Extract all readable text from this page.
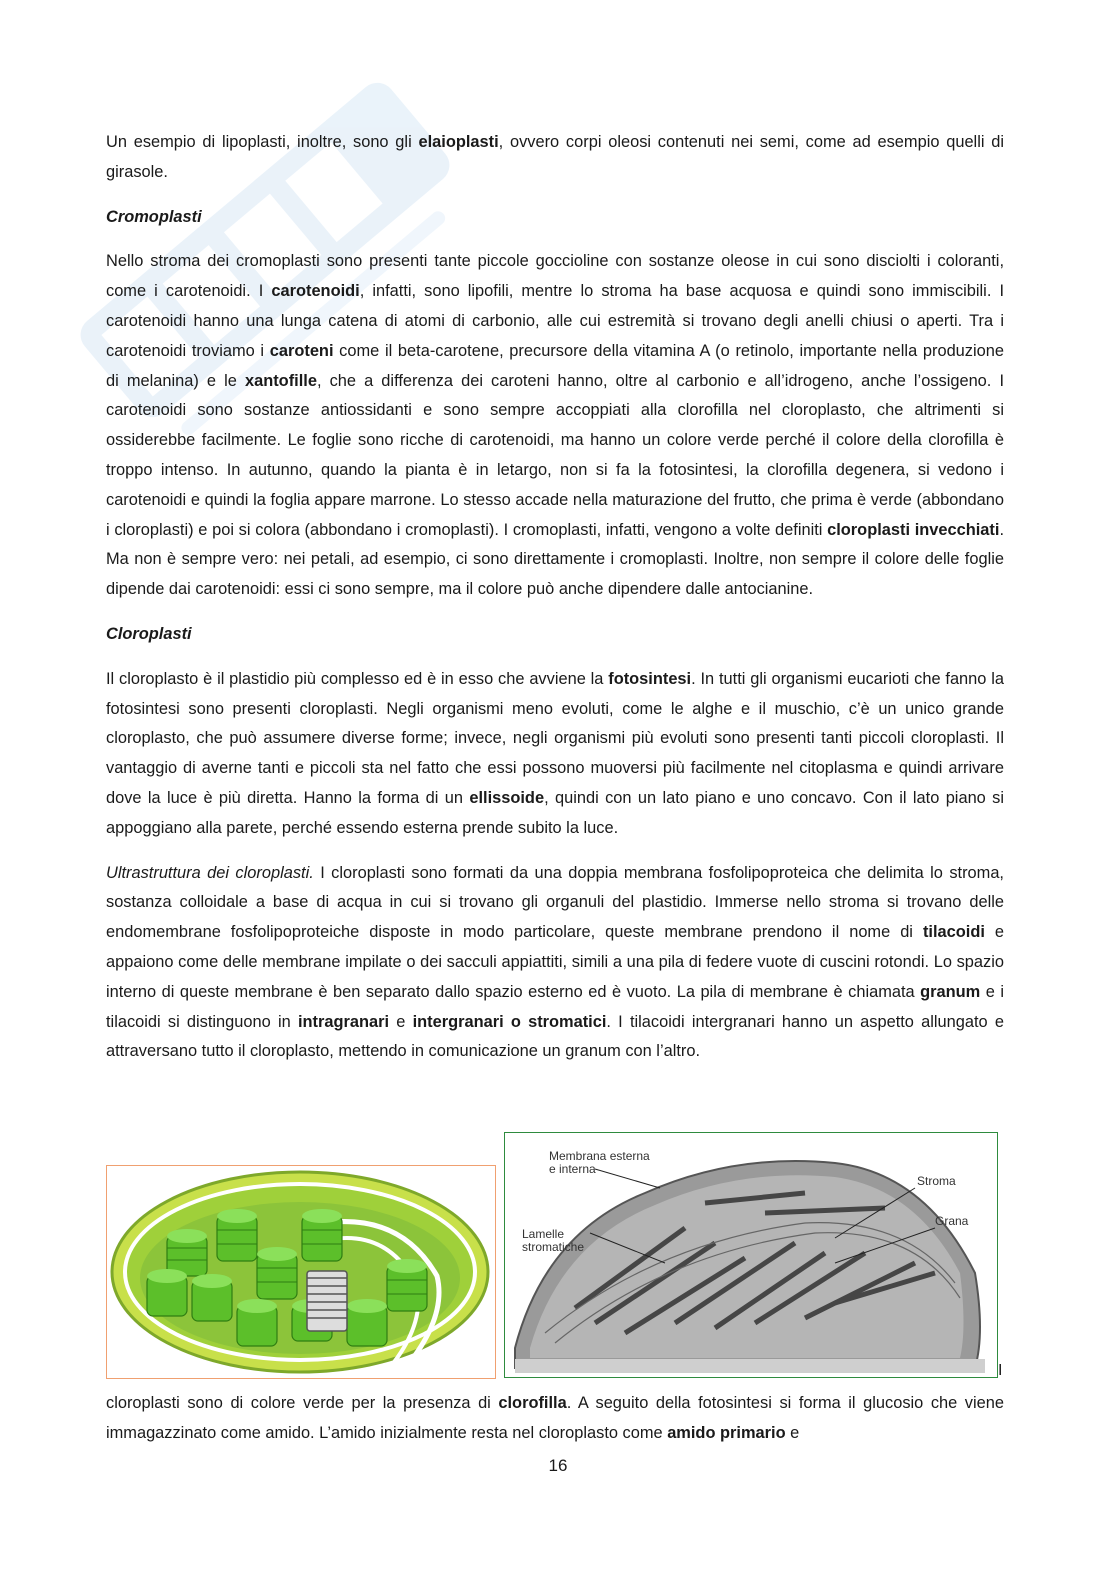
Un esempio di lipoplasti, inoltre, sono gli elaioplasti, ovvero corpi oleosi contenuti nei semi, come ad esempio quelli di girasole.

Cromoplasti

Nello stroma dei cromoplasti sono presenti tante piccole goccioline con sostanze oleose in cui sono disciolti i coloranti, come i carotenoidi. I carotenoidi, infatti, sono lipofili, mentre lo stroma ha base acquosa e quindi sono immiscibili. I carotenoidi hanno una lunga catena di atomi di carbonio, alle cui estremità si trovano degli anelli chiusi o aperti. Tra i carotenoidi troviamo i caroteni come il beta-carotene, precursore della vitamina A (o retinolo, importante nella produzione di melanina) e le xantofille, che a differenza dei caroteni hanno, oltre al carbonio e all’idrogeno, anche l’ossigeno. I carotenoidi sono sostanze antiossidanti e sono sempre accoppiati alla clorofilla nel cloroplasto, che altrimenti si ossiderebbe facilmente. Le foglie sono ricche di carotenoidi, ma hanno un colore verde perché il colore della clorofilla è troppo intenso. In autunno, quando la pianta è in letargo, non si fa la fotosintesi, la clorofilla degenera, si vedono i carotenoidi e quindi la foglia appare marrone. Lo stesso accade nella maturazione del frutto, che prima è verde (abbondano i cloroplasti) e poi si colora (abbondano i cromoplasti). I cromoplasti, infatti, vengono a volte definiti cloroplasti invecchiati. Ma non è sempre vero: nei petali, ad esempio, ci sono direttamente i cromoplasti. Inoltre, non sempre il colore delle foglie dipende dai carotenoidi: essi ci sono sempre, ma il colore può anche dipendere dalle antocianine.

Cloroplasti

Il cloroplasto è il plastidio più complesso ed è in esso che avviene la fotosintesi. In tutti gli organismi eucarioti che fanno la fotosintesi sono presenti cloroplasti. Negli organismi meno evoluti, come le alghe e il muschio, c’è un unico grande cloroplasto, che può assumere diverse forme; invece, negli organismi più evoluti sono presenti tanti piccoli cloroplasti. Il vantaggio di averne tanti e piccoli sta nel fatto che essi possono muoversi più facilmente nel citoplasma e quindi arrivare dove la luce è più diretta. Hanno la forma di un ellissoide, quindi con un lato piano e uno concavo. Con il lato piano si appoggiano alla parete, perché essendo esterna prende subito la luce.

Ultrastruttura dei cloroplasti. I cloroplasti sono formati da una doppia membrana fosfolipoproteica che delimita lo stroma, sostanza colloidale a base di acqua in cui si trovano gli organuli del plastidio. Immerse nello stroma si trovano delle endomembrane fosfolipoproteiche disposte in modo particolare, queste membrane prendono il nome di tilacoidi e appaiono come delle membrane impilate o dei sacculi appiattiti, simili a una pila di federe vuote di cuscini rotondi. Lo spazio interno di queste membrane è ben separato dallo spazio esterno ed è vuoto. La pila di membrane è chiamata granum e i tilacoidi si distinguono in intragranari e intergranari o stromatici. I tilacoidi intergranari hanno un aspetto allungato e attraversano tutto il cloroplasto, mettendo in comunicazione un granum con l’altro.

Membrana esterna
e interna
Stroma
Grana
Lamelle
stromatiche
I

cloroplasti sono di colore verde per la presenza di clorofilla. A seguito della fotosintesi si forma il glucosio che viene immagazzinato come amido. L’amido inizialmente resta nel cloroplasto come amido primario e

16
